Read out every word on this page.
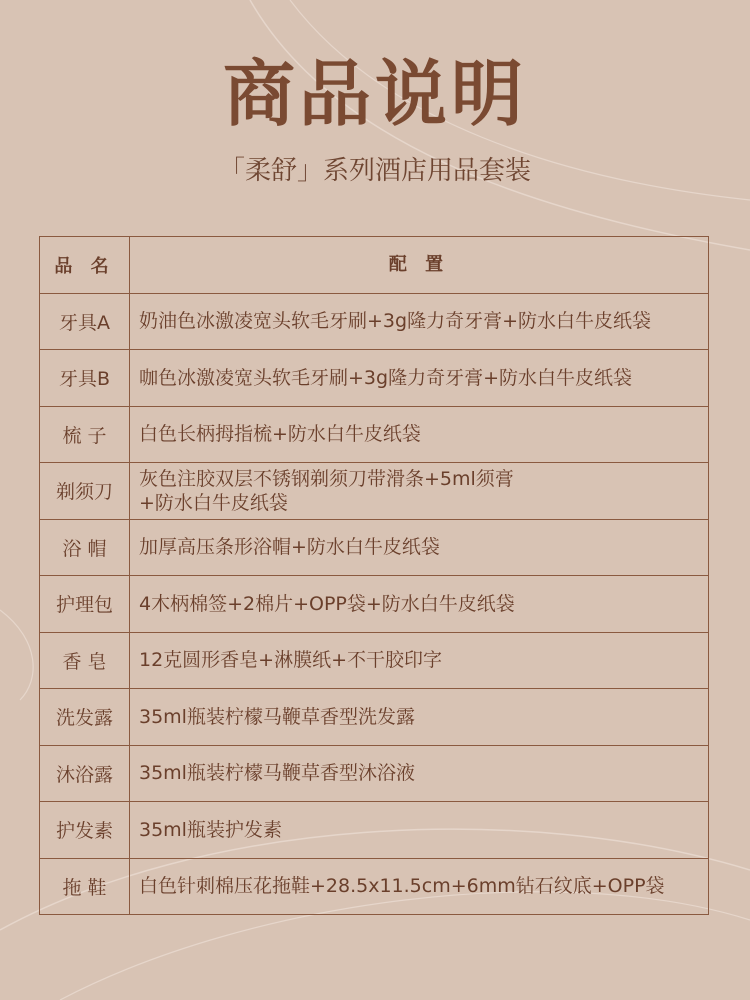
商品说明
「柔舒」系列酒店用品套装
品 名	配 置
牙具A	奶油色冰激凌宽头软毛牙刷+3g隆力奇牙膏+防水白牛皮纸袋
牙具B	咖色冰激凌宽头软毛牙刷+3g隆力奇牙膏+防水白牛皮纸袋
梳 子	白色长柄拇指梳+防水白牛皮纸袋
剃须刀	灰色注胶双层不锈钢剃须刀带滑条+5ml须膏
+防水白牛皮纸袋
浴 帽	加厚高压条形浴帽+防水白牛皮纸袋
护理包	4木柄棉签+2棉片+OPP袋+防水白牛皮纸袋
香 皂	12克圆形香皂+淋膜纸+不干胶印字
洗发露	35ml瓶装柠檬马鞭草香型洗发露
沐浴露	35ml瓶装柠檬马鞭草香型沐浴液
护发素	35ml瓶装护发素
拖 鞋	白色针刺棉压花拖鞋+28.5x11.5cm+6mm钻石纹底+OPP袋
